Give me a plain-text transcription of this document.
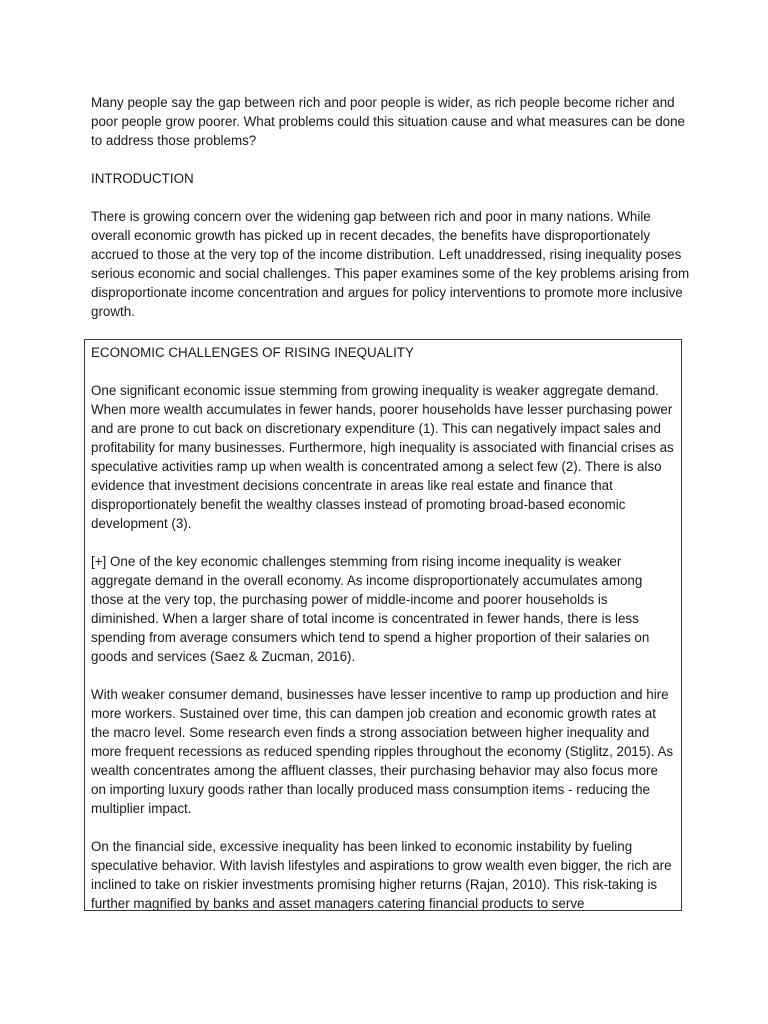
Many people say the gap between rich and poor people is wider, as rich people become richer and poor people grow poorer. What problems could this situation cause and what measures can be done to address those problems?

INTRODUCTION

There is growing concern over the widening gap between rich and poor in many nations. While overall economic growth has picked up in recent decades, the benefits have disproportionately accrued to those at the very top of the income distribution. Left unaddressed, rising inequality poses serious economic and social challenges. This paper examines some of the key problems arising from disproportionate income concentration and argues for policy interventions to promote more inclusive growth.

ECONOMIC CHALLENGES OF RISING INEQUALITY

One significant economic issue stemming from growing inequality is weaker aggregate demand. When more wealth accumulates in fewer hands, poorer households have lesser purchasing power and are prone to cut back on discretionary expenditure (1). This can negatively impact sales and profitability for many businesses. Furthermore, high inequality is associated with financial crises as speculative activities ramp up when wealth is concentrated among a select few (2). There is also evidence that investment decisions concentrate in areas like real estate and finance that disproportionately benefit the wealthy classes instead of promoting broad-based economic development (3).

[+] One of the key economic challenges stemming from rising income inequality is weaker aggregate demand in the overall economy. As income disproportionately accumulates among those at the very top, the purchasing power of middle-income and poorer households is diminished. When a larger share of total income is concentrated in fewer hands, there is less spending from average consumers which tend to spend a higher proportion of their salaries on goods and services (Saez & Zucman, 2016).

With weaker consumer demand, businesses have lesser incentive to ramp up production and hire more workers. Sustained over time, this can dampen job creation and economic growth rates at the macro level. Some research even finds a strong association between higher inequality and more frequent recessions as reduced spending ripples throughout the economy (Stiglitz, 2015). As wealth concentrates among the affluent classes, their purchasing behavior may also focus more on importing luxury goods rather than locally produced mass consumption items - reducing the multiplier impact.

On the financial side, excessive inequality has been linked to economic instability by fueling speculative behavior. With lavish lifestyles and aspirations to grow wealth even bigger, the rich are inclined to take on riskier investments promising higher returns (Rajan, 2010). This risk-taking is further magnified by banks and asset managers catering financial products to serve
